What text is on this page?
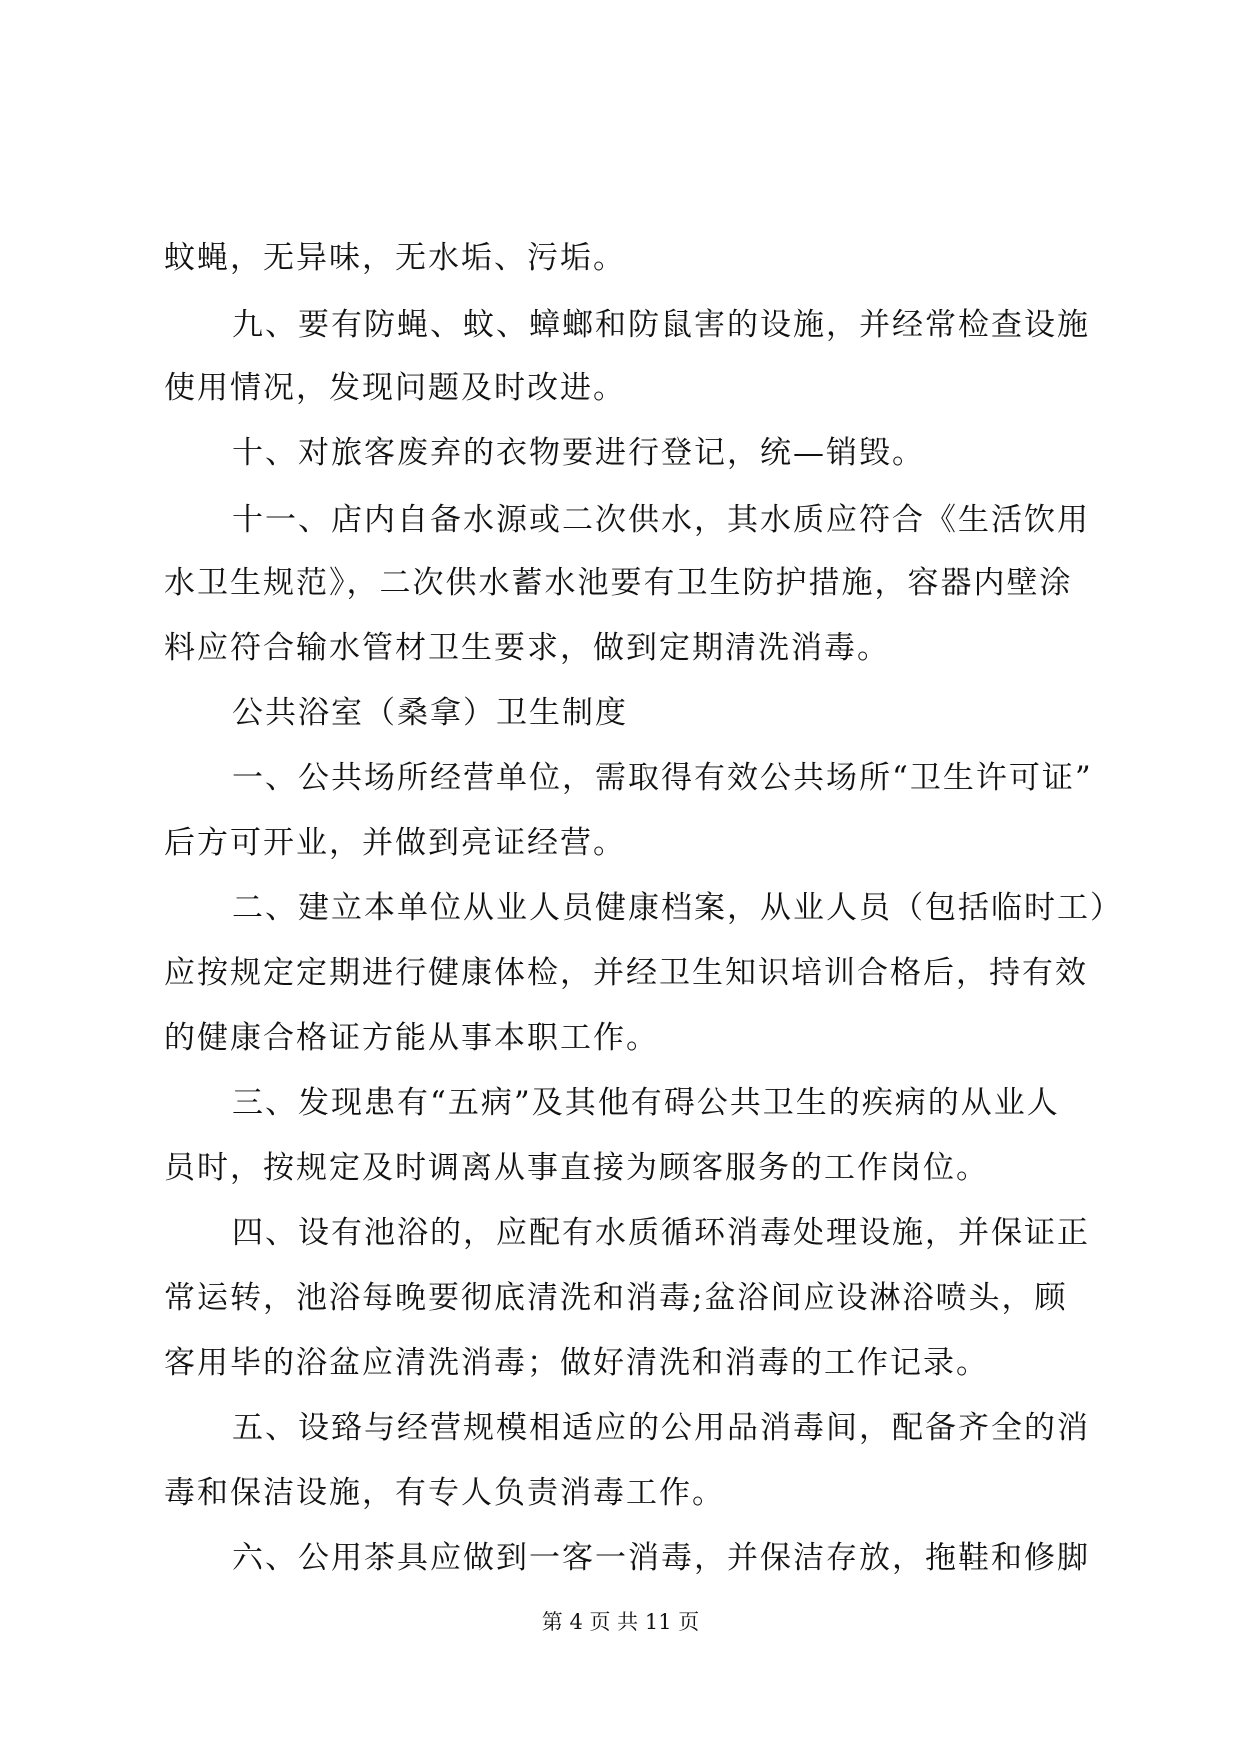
蚊蝇，无异味，无水垢、污垢。
九、要有防蝇、蚊、蟑螂和防鼠害的设施，并经常检查设施
使用情况，发现问题及时改进。
十、对旅客废弃的衣物要进行登记，统—销毁。
十一、店内自备水源或二次供水，其水质应符合《生活饮用
水卫生规范》，二次供水蓄水池要有卫生防护措施，容器内壁涂
料应符合输水管材卫生要求，做到定期清洗消毒。
公共浴室（桑拿）卫生制度
一、公共场所经营单位，需取得有效公共场所“卫生许可证”
后方可开业，并做到亮证经营。
二、建立本单位从业人员健康档案，从业人员（包括临时工）
应按规定定期进行健康体检，并经卫生知识培训合格后，持有效
的健康合格证方能从事本职工作。
三、发现患有“五病”及其他有碍公共卫生的疾病的从业人
员时，按规定及时调离从事直接为顾客服务的工作岗位。
四、设有池浴的，应配有水质循环消毒处理设施，并保证正
常运转，池浴每晚要彻底清洗和消毒;盆浴间应设淋浴喷头，顾
客用毕的浴盆应清洗消毒；做好清洗和消毒的工作记录。
五、设臵与经营规模相适应的公用品消毒间，配备齐全的消
毒和保洁设施，有专人负责消毒工作。
六、公用茶具应做到一客一消毒，并保洁存放，拖鞋和修脚
第 4 页 共 11 页
